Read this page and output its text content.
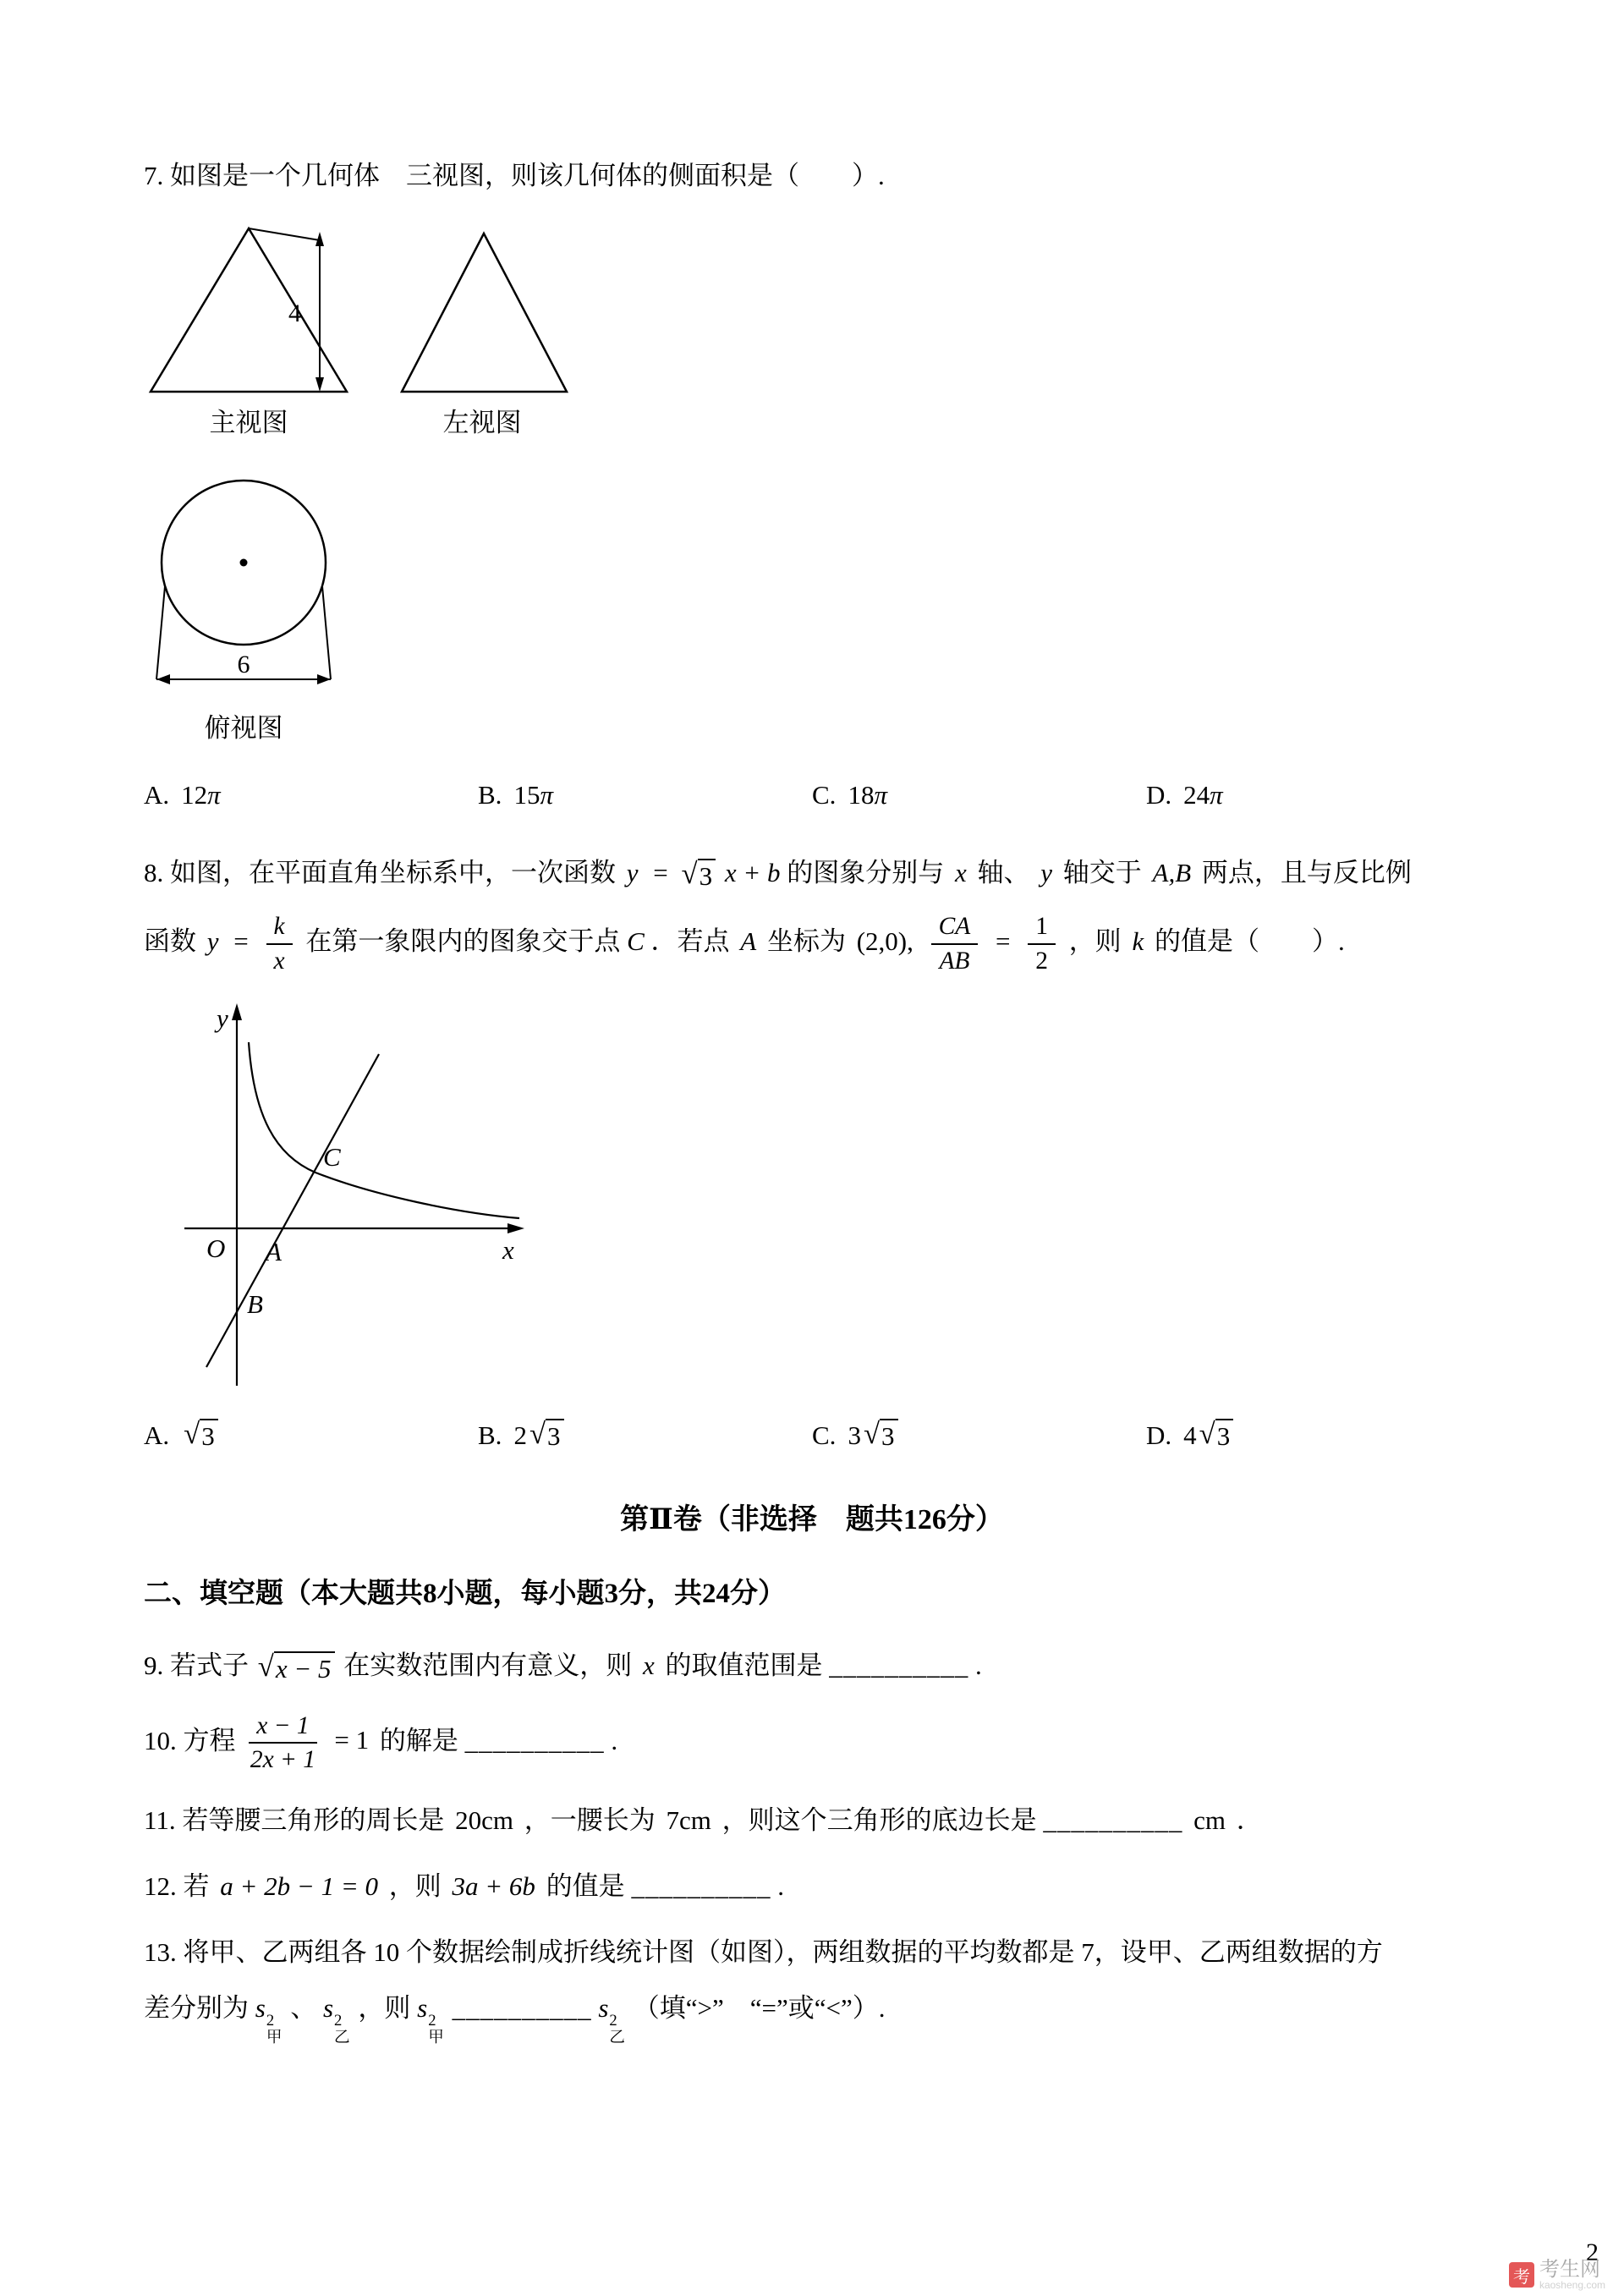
7. 如图是一个几何体　三视图，则该几何体的侧面积是（　　）.
4
主视图	左视图
6
俯视图
A. 12 π	B. 15 π	C. 18 π	D. 24 π
8. 如图，在平面直角坐标系中，一次函数 y = √ 3 x + b 的图象分别与 x 轴、 y 轴交于 A,B 两点，且与反比例
函数 $y = \frac{k}{x}$ 在第一象限内的图象交于点 C ．若点 A 坐标为 (2,0), $\frac{CA}{AB} = \frac{1}{2}$ ，则 k 的值是（　　）.
y
x
O A
B
C
A. √ 3	B. 2 √ 3	C. 3 √ 3	D. 4 √ 3
第Ⅱ卷（非选择　题共126分）
二、填空题（本大题共8小题，每小题3分，共24分）
9. 若式子 √ x − 5 在实数范围内有意义，则 x 的取值范围是 __________ .
10. 方程 $\frac{x - 1}{2x + 1} = 1$ 的解是 __________ .
11. 若等腰三角形的周长是 20cm ，一腰长为 7cm ，则这个三角形的底边长是 __________ cm ．
12. 若 a + 2b − 1 = 0 ，则 3a + 6b 的值是 __________ .
13. 将甲、乙两组各 10 个数据绘制成折线统计图（如图），两组数据的平均数都是 7，设甲、乙两组数据的方
差分别为 s 2
甲
、 s 2
乙
，则 s 2
甲
__________ s 2
乙
（填“>”　“=”或“<”）.
2
考 考生网
kaosheng.com
